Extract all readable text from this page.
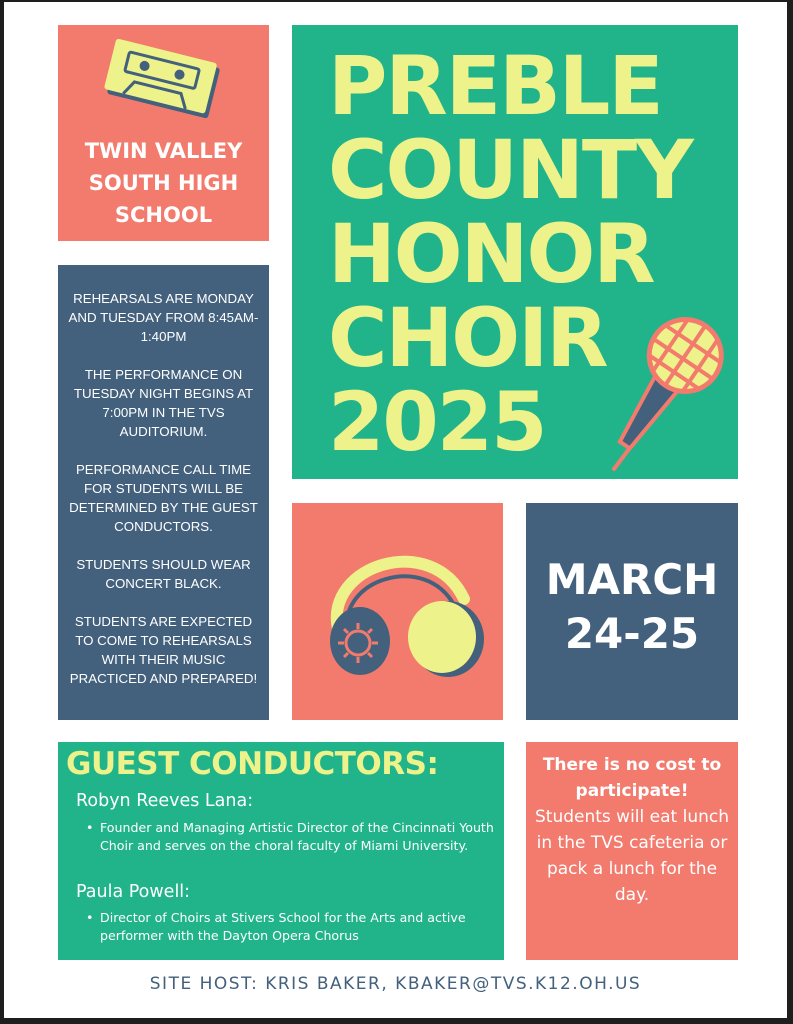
TWIN VALLEY SOUTH HIGH SCHOOL
PREBLE
COUNTY
HONOR
CHOIR
2025

REHEARSALS ARE MONDAY AND TUESDAY FROM 8:45AM-1:40PM

THE PERFORMANCE ON TUESDAY NIGHT BEGINS AT 7:00PM IN THE TVS AUDITORIUM.

PERFORMANCE CALL TIME FOR STUDENTS WILL BE DETERMINED BY THE GUEST CONDUCTORS.

STUDENTS SHOULD WEAR CONCERT BLACK.

STUDENTS ARE EXPECTED TO COME TO REHEARSALS WITH THEIR MUSIC PRACTICED AND PREPARED!

MARCH
24-25
GUEST CONDUCTORS:

Robyn Reeves Lana:

• Founder and Managing Artistic Director of the Cincinnati Youth Choir and serves on the choral faculty of Miami University.

Paula Powell:

• Director of Choirs at Stivers School for the Arts and active performer with the Dayton Opera Chorus

There is no cost to participate!

Students will eat lunch in the TVS cafeteria or pack a lunch for the day.

SITE HOST: KRIS BAKER, KBAKER@TVS.K12.OH.US
